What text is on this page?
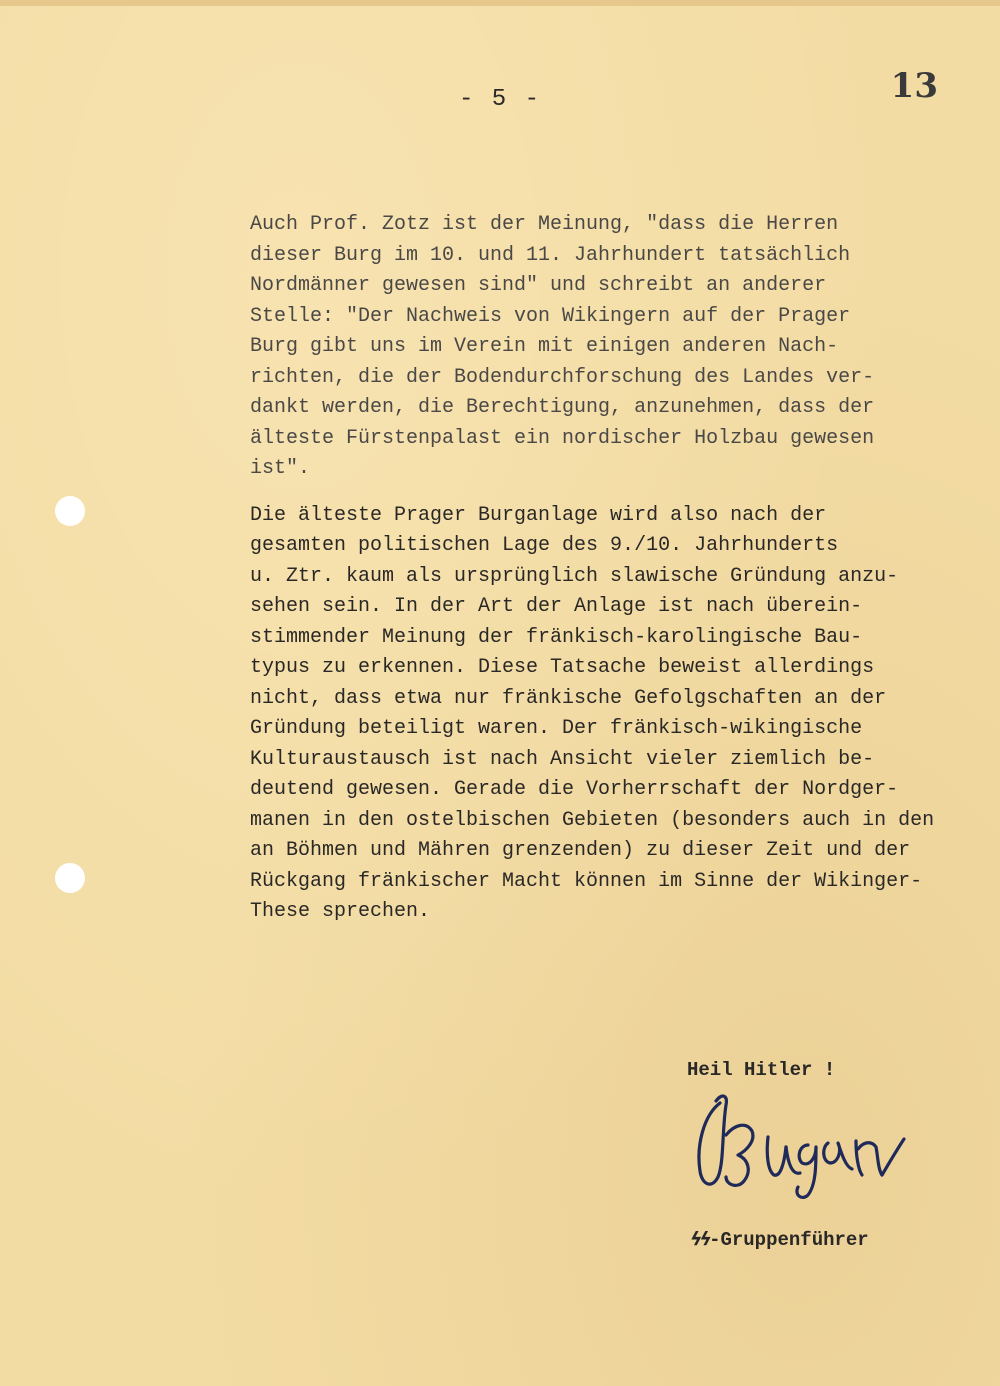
- 5 -	13
Auch Prof. Zotz ist der Meinung, "dass die Herren
dieser Burg im 10. und 11. Jahrhundert tatsächlich
Nordmänner gewesen sind" und schreibt an anderer
Stelle: "Der Nachweis von Wikingern auf der Prager
Burg gibt uns im Verein mit einigen anderen Nach-
richten, die der Bodendurchforschung des Landes ver-
dankt werden, die Berechtigung, anzunehmen, dass der
älteste Fürstenpalast ein nordischer Holzbau gewesen
ist".
Die älteste Prager Burganlage wird also nach der
gesamten politischen Lage des 9./10. Jahrhunderts
u. Ztr. kaum als ursprünglich slawische Gründung anzu-
sehen sein. In der Art der Anlage ist nach überein-
stimmender Meinung der fränkisch-karolingische Bau-
typus zu erkennen. Diese Tatsache beweist allerdings
nicht, dass etwa nur fränkische Gefolgschaften an der
Gründung beteiligt waren. Der fränkisch-wikingische
Kulturaustausch ist nach Ansicht vieler ziemlich be-
deutend gewesen. Gerade die Vorherrschaft der Nordger-
manen in den ostelbischen Gebieten (besonders auch in den
an Böhmen und Mähren grenzenden) zu dieser Zeit und der
Rückgang fränkischer Macht können im Sinne der Wikinger-
These sprechen.
Heil Hitler !
ϟϟ-Gruppenführer
